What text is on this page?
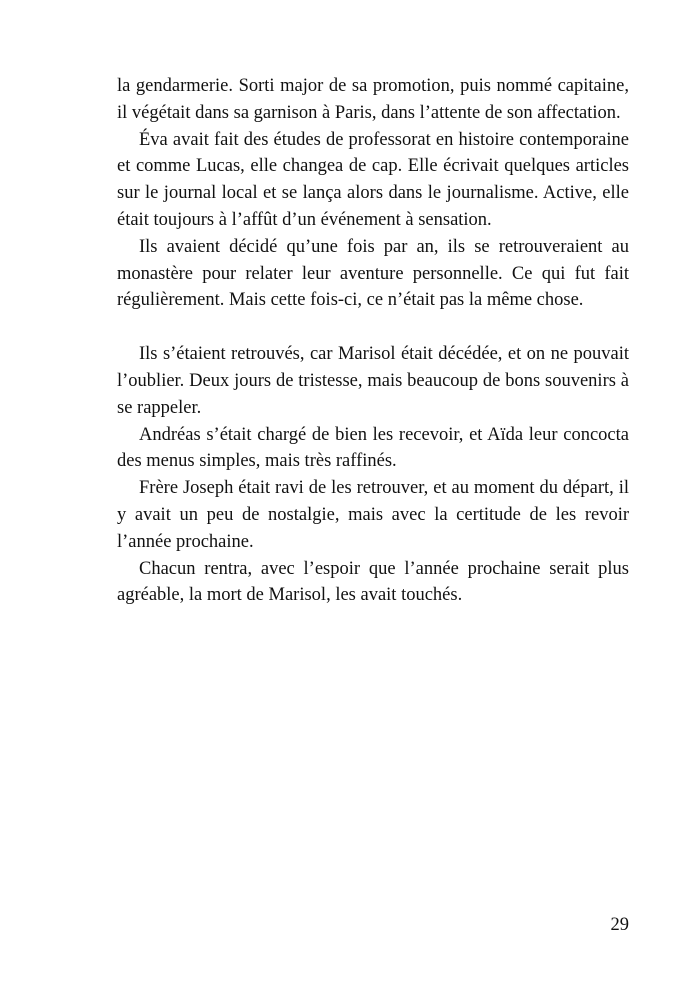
la gendarmerie. Sorti major de sa promotion, puis nommé capitaine, il végétait dans sa garnison à Paris, dans l’attente de son affectation.

Éva avait fait des études de professorat en histoire contemporaine et comme Lucas, elle changea de cap. Elle écrivait quelques articles sur le journal local et se lança alors dans le journalisme. Active, elle était toujours à l’affût d’un événement à sensation.

Ils avaient décidé qu’une fois par an, ils se retrouveraient au monastère pour relater leur aventure personnelle. Ce qui fut fait régulièrement. Mais cette fois-ci, ce n’était pas la même chose.

Ils s’étaient retrouvés, car Marisol était décédée, et on ne pouvait l’oublier. Deux jours de tristesse, mais beaucoup de bons souvenirs à se rappeler.

Andréas s’était chargé de bien les recevoir, et Aïda leur concocta des menus simples, mais très raffinés.

Frère Joseph était ravi de les retrouver, et au moment du départ, il y avait un peu de nostalgie, mais avec la certitude de les revoir l’année prochaine.

Chacun rentra, avec l’espoir que l’année prochaine serait plus agréable, la mort de Marisol, les avait touchés.

29
